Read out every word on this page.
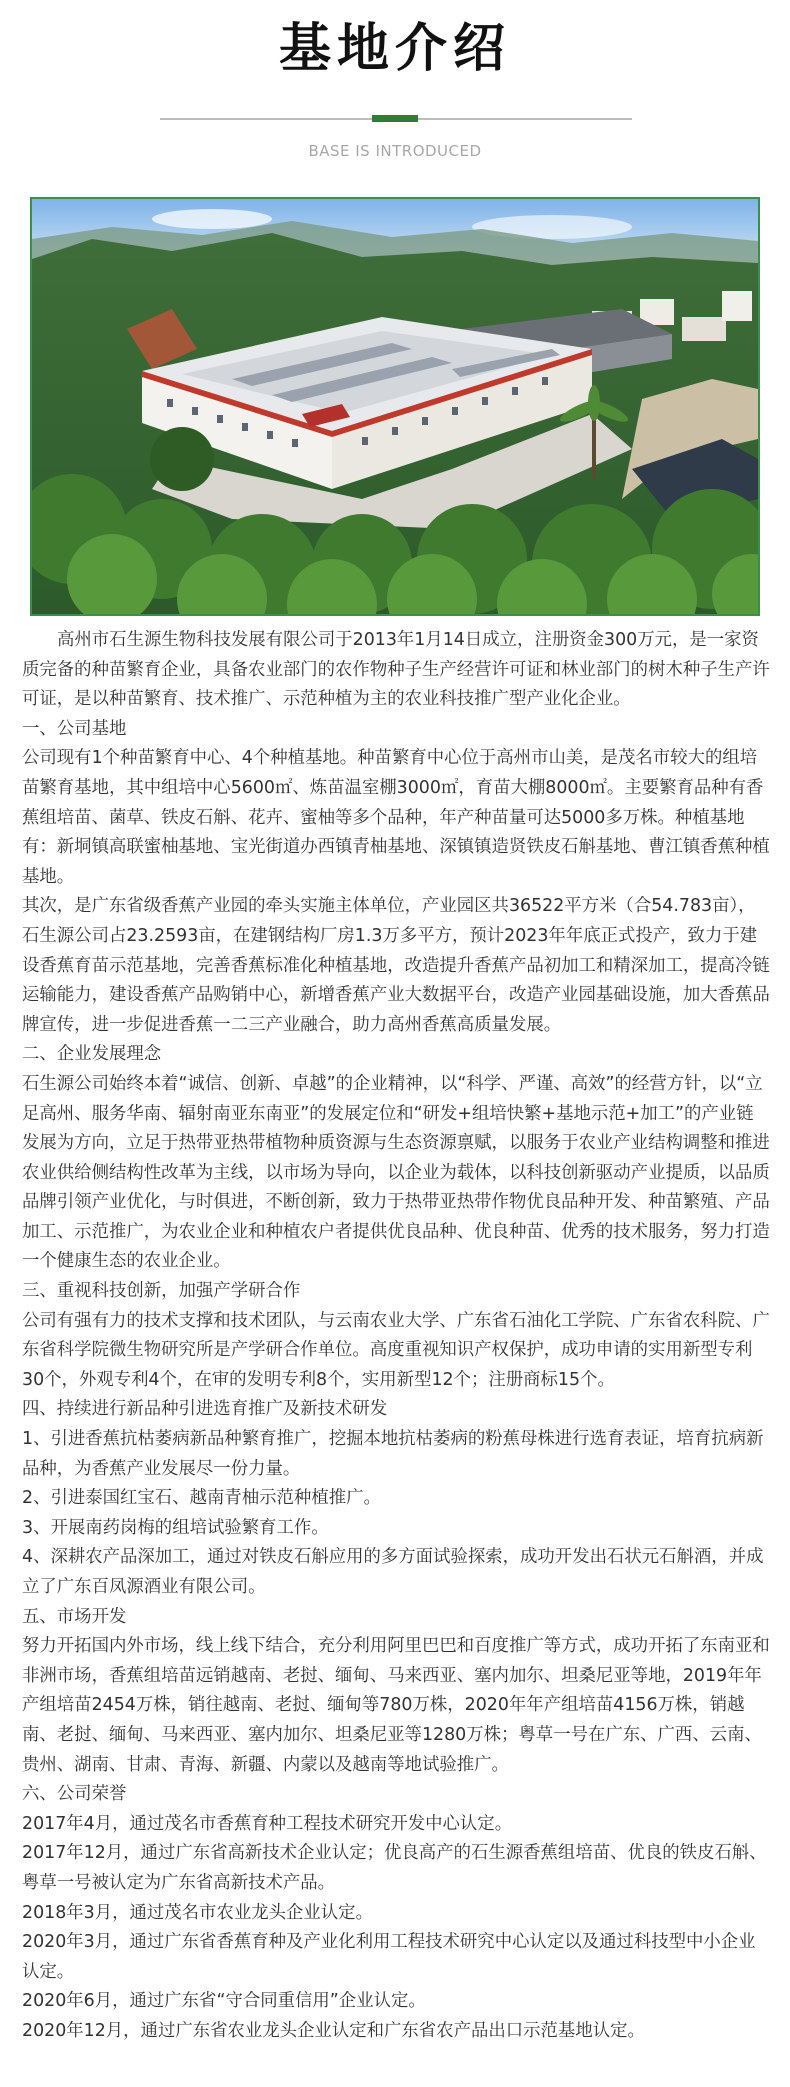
基地介绍
BASE IS INTRODUCED

高州市石生源生物科技发展有限公司于2013年1月14日成立，注册资金300万元，是一家资质完备的种苗繁育企业，具备农业部门的农作物种子生产经营许可证和林业部门的树木种子生产许可证，是以种苗繁育、技术推广、示范种植为主的农业科技推广型产业化企业。

一、公司基地

公司现有1个种苗繁育中心、4个种植基地。种苗繁育中心位于高州市山美，是茂名市较大的组培苗繁育基地，其中组培中心5600㎡、炼苗温室棚3000㎡，育苗大棚8000㎡。主要繁育品种有香蕉组培苗、菌草、铁皮石斛、花卉、蜜柚等多个品种，年产种苗量可达5000多万株。种植基地有：新垌镇高联蜜柚基地、宝光街道办西镇青柚基地、深镇镇造贤铁皮石斛基地、曹江镇香蕉种植基地。

其次，是广东省级香蕉产业园的牵头实施主体单位，产业园区共36522平方米（合54.783亩），石生源公司占23.2593亩，在建钢结构厂房1.3万多平方，预计2023年年底正式投产，致力于建设香蕉育苗示范基地，完善香蕉标准化种植基地，改造提升香蕉产品初加工和精深加工，提高冷链运输能力，建设香蕉产品购销中心，新增香蕉产业大数据平台，改造产业园基础设施，加大香蕉品牌宣传，进一步促进香蕉一二三产业融合，助力高州香蕉高质量发展。

二、企业发展理念

石生源公司始终本着“诚信、创新、卓越”的企业精神，以“科学、严谨、高效”的经营方针，以“立足高州、服务华南、辐射南亚东南亚”的发展定位和“研发+组培快繁+基地示范+加工”的产业链发展为方向，立足于热带亚热带植物种质资源与生态资源禀赋，以服务于农业产业结构调整和推进农业供给侧结构性改革为主线，以市场为导向，以企业为载体，以科技创新驱动产业提质，以品质品牌引领产业优化，与时俱进，不断创新，致力于热带亚热带作物优良品种开发、种苗繁殖、产品加工、示范推广，为农业企业和种植农户者提供优良品种、优良种苗、优秀的技术服务，努力打造一个健康生态的农业企业。

三、重视科技创新，加强产学研合作

公司有强有力的技术支撑和技术团队，与云南农业大学、广东省石油化工学院、广东省农科院、广东省科学院微生物研究所是产学研合作单位。高度重视知识产权保护，成功申请的实用新型专利30个，外观专利4个，在审的发明专利8个，实用新型12个；注册商标15个。

四、持续进行新品种引进选育推广及新技术研发

1、引进香蕉抗枯萎病新品种繁育推广，挖掘本地抗枯萎病的粉蕉母株进行选育表证，培育抗病新品种，为香蕉产业发展尽一份力量。

2、引进泰国红宝石、越南青柚示范种植推广。

3、开展南药岗梅的组培试验繁育工作。

4、深耕农产品深加工，通过对铁皮石斛应用的多方面试验探索，成功开发出石状元石斛酒，并成立了广东百凤源酒业有限公司。

五、市场开发

努力开拓国内外市场，线上线下结合，充分利用阿里巴巴和百度推广等方式，成功开拓了东南亚和非洲市场，香蕉组培苗远销越南、老挝、缅甸、马来西亚、塞内加尔、坦桑尼亚等地，2019年年产组培苗2454万株，销往越南、老挝、缅甸等780万株，2020年年产组培苗4156万株，销越南、老挝、缅甸、马来西亚、塞内加尔、坦桑尼亚等1280万株；粤草一号在广东、广西、云南、贵州、湖南、甘肃、青海、新疆、内蒙以及越南等地试验推广。

六、公司荣誉

2017年4月，通过茂名市香蕉育种工程技术研究开发中心认定。

2017年12月，通过广东省高新技术企业认定；优良高产的石生源香蕉组培苗、优良的铁皮石斛、粤草一号被认定为广东省高新技术产品。

2018年3月，通过茂名市农业龙头企业认定。

2020年3月，通过广东省香蕉育种及产业化利用工程技术研究中心认定以及通过科技型中小企业认定。

2020年6月，通过广东省“守合同重信用”企业认定。

2020年12月，通过广东省农业龙头企业认定和广东省农产品出口示范基地认定。
